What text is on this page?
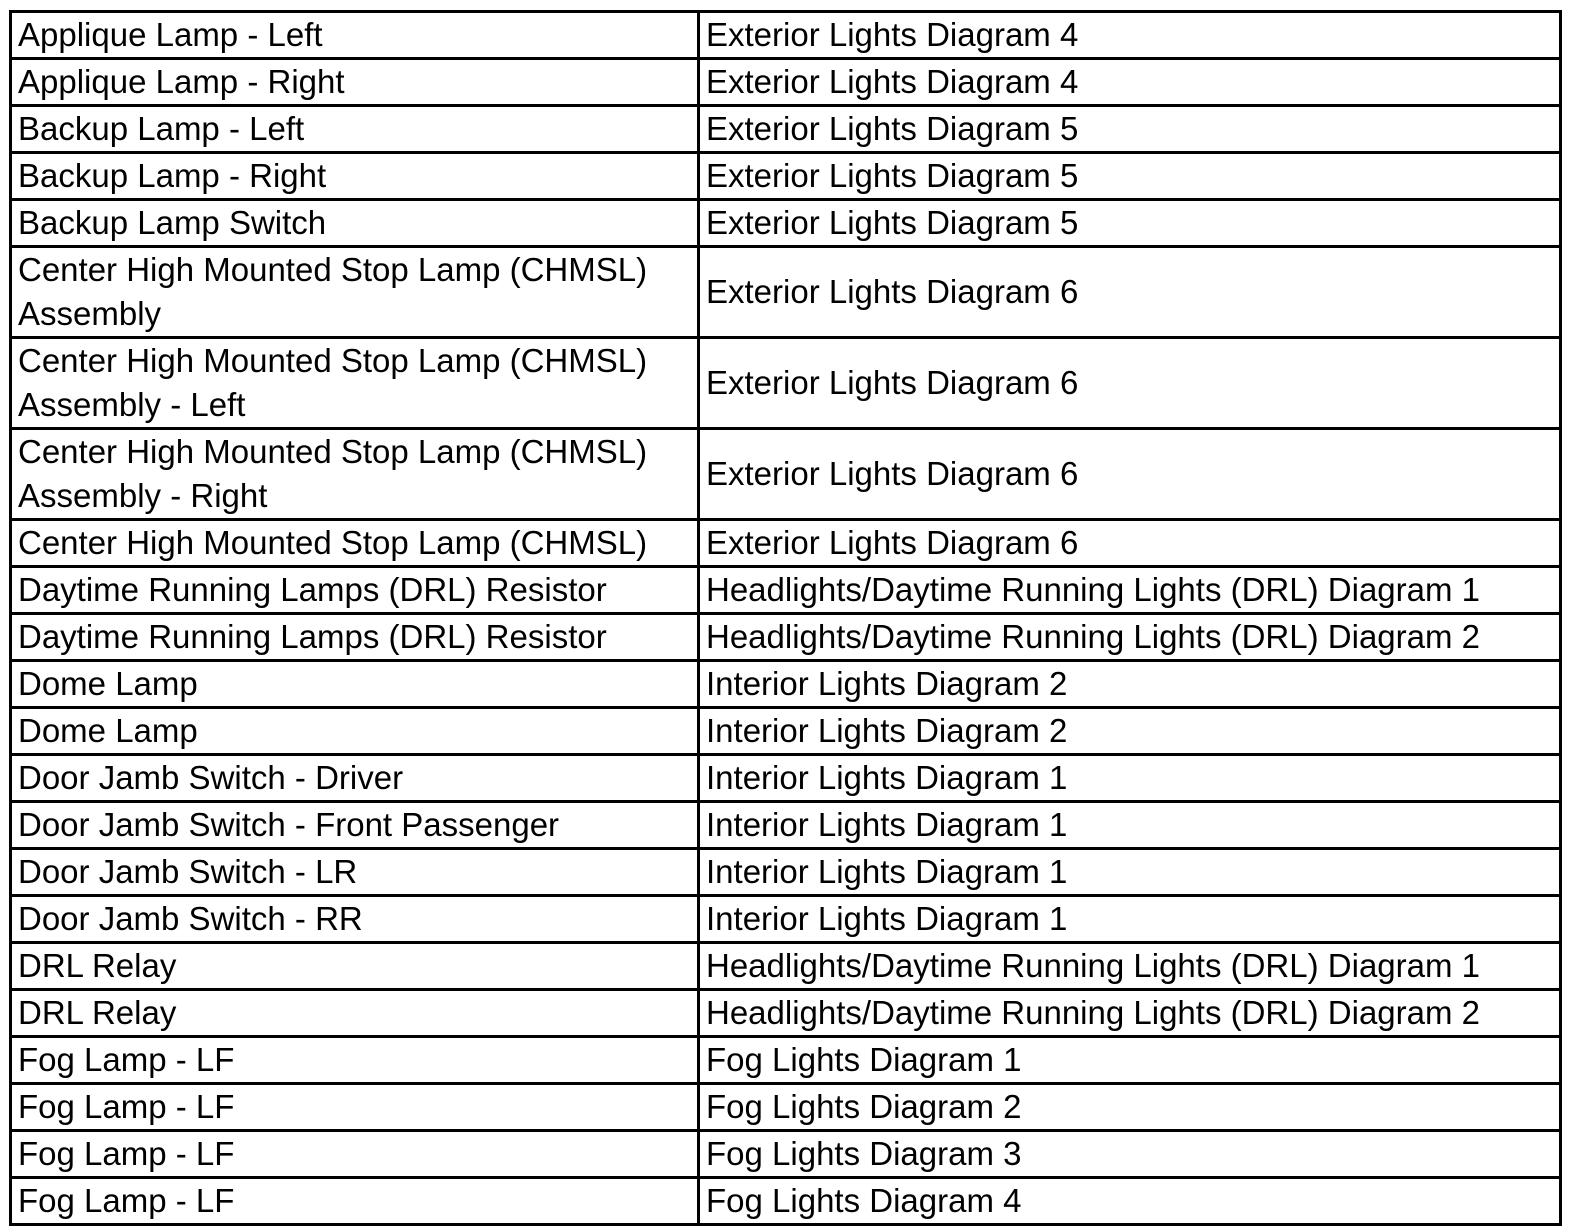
Applique Lamp - Left	Exterior Lights Diagram 4
Applique Lamp - Right	Exterior Lights Diagram 4
Backup Lamp - Left	Exterior Lights Diagram 5
Backup Lamp - Right	Exterior Lights Diagram 5
Backup Lamp Switch	Exterior Lights Diagram 5
Center High Mounted Stop Lamp (CHMSL) Assembly	Exterior Lights Diagram 6
Center High Mounted Stop Lamp (CHMSL) Assembly - Left	Exterior Lights Diagram 6
Center High Mounted Stop Lamp (CHMSL) Assembly - Right	Exterior Lights Diagram 6
Center High Mounted Stop Lamp (CHMSL)	Exterior Lights Diagram 6
Daytime Running Lamps (DRL) Resistor	Headlights/Daytime Running Lights (DRL) Diagram 1
Daytime Running Lamps (DRL) Resistor	Headlights/Daytime Running Lights (DRL) Diagram 2
Dome Lamp	Interior Lights Diagram 2
Dome Lamp	Interior Lights Diagram 2
Door Jamb Switch - Driver	Interior Lights Diagram 1
Door Jamb Switch - Front Passenger	Interior Lights Diagram 1
Door Jamb Switch - LR	Interior Lights Diagram 1
Door Jamb Switch - RR	Interior Lights Diagram 1
DRL Relay	Headlights/Daytime Running Lights (DRL) Diagram 1
DRL Relay	Headlights/Daytime Running Lights (DRL) Diagram 2
Fog Lamp - LF	Fog Lights Diagram 1
Fog Lamp - LF	Fog Lights Diagram 2
Fog Lamp - LF	Fog Lights Diagram 3
Fog Lamp - LF	Fog Lights Diagram 4
